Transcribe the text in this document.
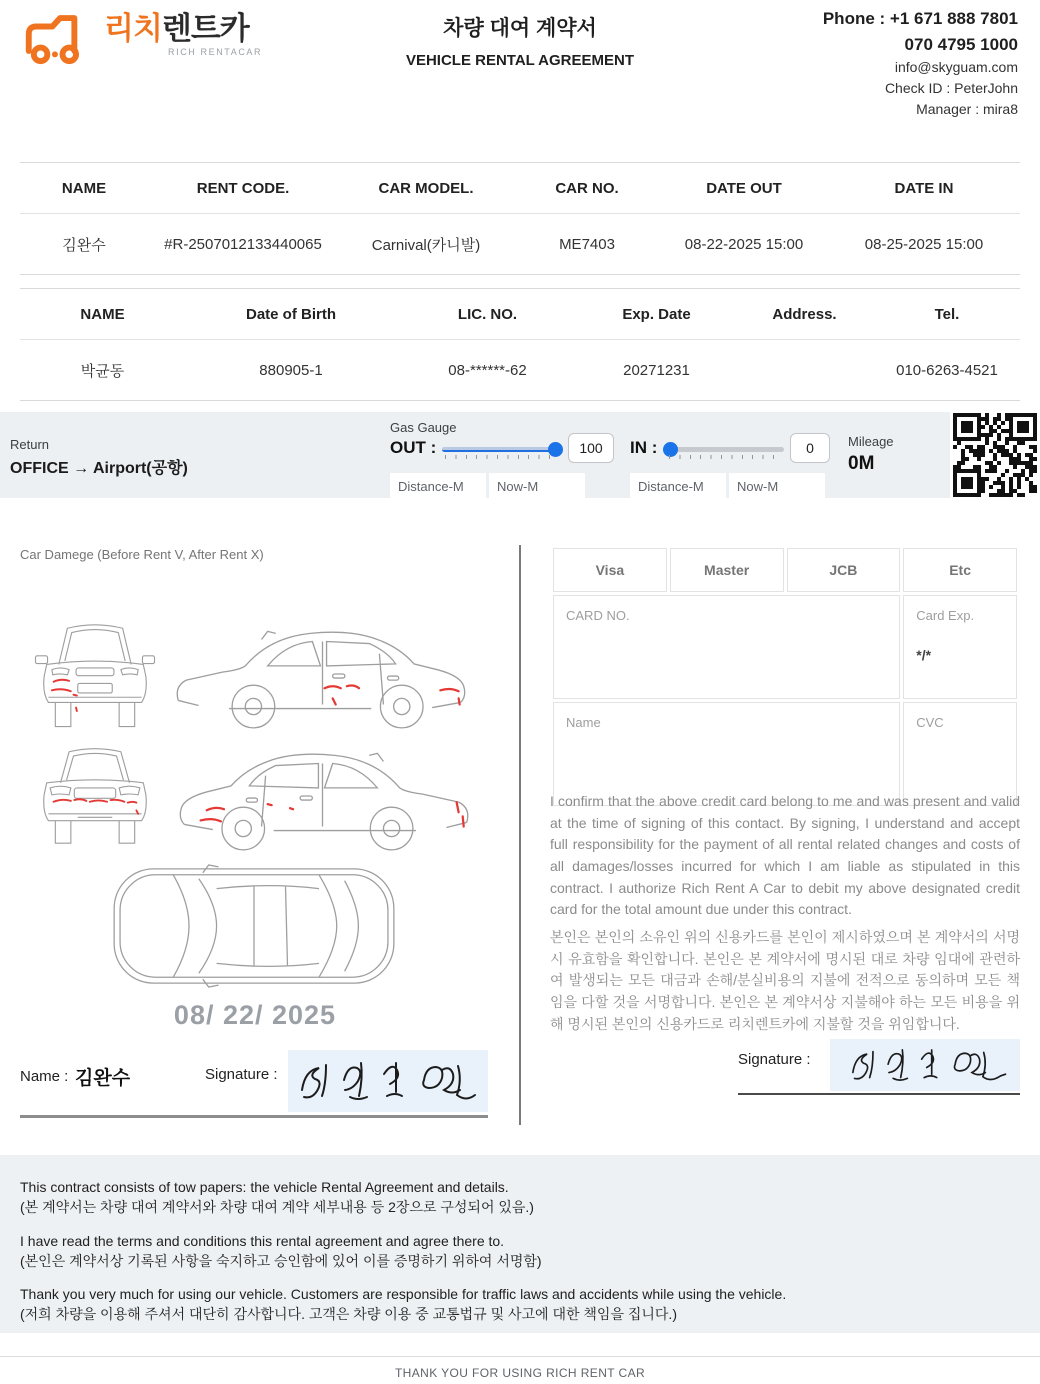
리치렌트카
RICH RENTACAR
차량 대여 계약서
VEHICLE RENTAL AGREEMENT
Phone : +1 671 888 7801
070 4795 1000
info@skyguam.com
Check ID : PeterJohn
Manager : mira8
NAME	RENT CODE.	CAR MODEL.	CAR NO.	DATE OUT	DATE IN
김완수	#R-2507012133440065	Carnival(카니발)	ME7403	08-22-2025 15:00	08-25-2025 15:00
NAME	Date of Birth	LIC. NO.	Exp. Date	Address.	Tel.
박균동	880905-1	08-******-62	20271231		010-6263-4521
Return
OFFICE → Airport(공항)
Gas Gauge
OUT :	100
Distance-M
Now-M	IN :	0
Distance-M
Now-M	Mileage
0M
Car Damege (Before Rent V, After Rent X)
08/ 22/ 2025
Name : 김완수	Signature :
Visa	Master	JCB	Etc
CARD NO.			Card Exp.
*/*

Name			CVC

I confirm that the above credit card belong to me and was present and valid at the time of signing of this contact. By signing, I understand and accept full responsibility for the payment of all rental related changes and costs of all damages/losses incurred for which I am liable as stipulated in this contract. I authorize Rich Rent A Car to debit my above designated credit card for the total amount due under this contract.

본인은 본인의 소유인 위의 신용카드를 본인이 제시하였으며 본 계약서의 서명시 유효함을 확인합니다. 본인은 본 계약서에 명시된 대로 차량 임대에 관련하여 발생되는 모든 대금과 손해/분실비용의 지불에 전적으로 동의하며 모든 책임을 다할 것을 서명합니다. 본인은 본 계약서상 지불해야 하는 모든 비용을 위해 명시된 본인의 신용카드로 리치렌트카에 지불할 것을 위임합니다.

Signature :
This contract consists of tow papers: the vehicle Rental Agreement and details.
(본 계약서는 차량 대여 계약서와 차량 대여 계약 세부내용 등 2장으로 구성되어 있음.)
I have read the terms and conditions this rental agreement and agree there to.
(본인은 계약서상 기록된 사항을 숙지하고 승인함에 있어 이를 증명하기 위하여 서명함)
Thank you very much for using our vehicle. Customers are responsible for traffic laws and accidents while using the vehicle.
(저희 차량을 이용해 주셔서 대단히 감사합니다. 고객은 차량 이용 중 교통법규 및 사고에 대한 책임을 집니다.)
THANK YOU FOR USING RICH RENT CAR
